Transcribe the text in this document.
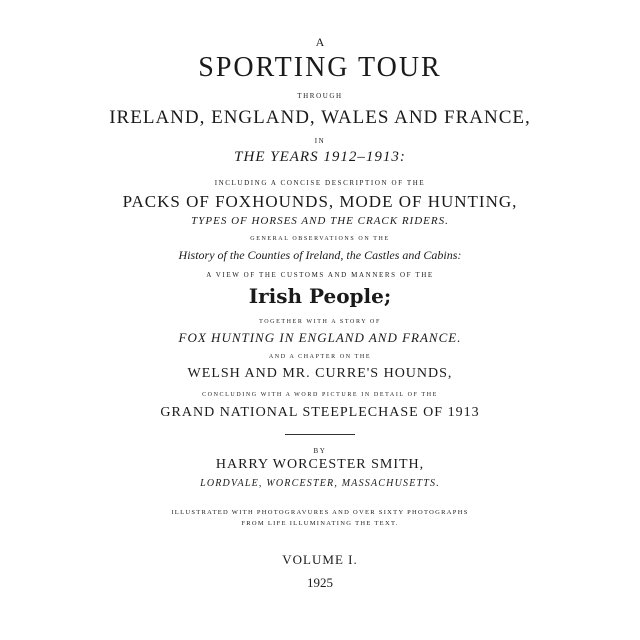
A
SPORTING TOUR
THROUGH
IRELAND, ENGLAND, WALES AND FRANCE,
IN
THE YEARS 1912–1913:
INCLUDING A CONCISE DESCRIPTION OF THE
PACKS OF FOXHOUNDS, MODE OF HUNTING,
TYPES OF HORSES AND THE CRACK RIDERS.
GENERAL OBSERVATIONS ON THE
History of the Counties of Ireland, the Castles and Cabins:
A VIEW OF THE CUSTOMS AND MANNERS OF THE
Irish People;
TOGETHER WITH A STORY OF
FOX HUNTING IN ENGLAND AND FRANCE.
AND A CHAPTER ON THE
WELSH AND MR. CURRE'S HOUNDS,
CONCLUDING WITH A WORD PICTURE IN DETAIL OF THE
GRAND NATIONAL STEEPLECHASE OF 1913
BY
HARRY WORCESTER SMITH,
LORDVALE, WORCESTER, MASSACHUSETTS.
ILLUSTRATED WITH PHOTOGRAVURES AND OVER SIXTY PHOTOGRAPHS
FROM LIFE ILLUMINATING THE TEXT.
VOLUME I.
1925
